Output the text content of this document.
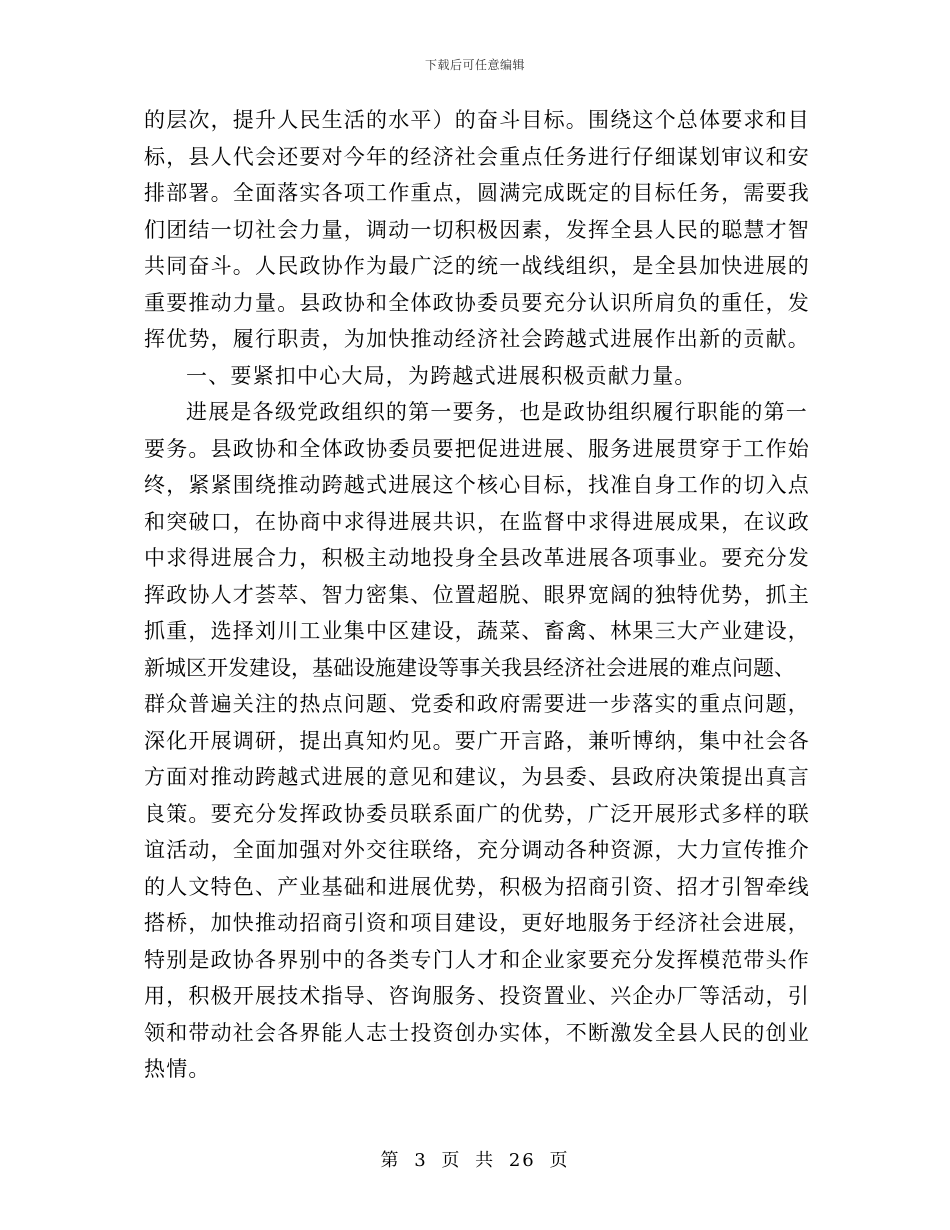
下载后可任意编辑
的层次，提升人民生活的水平）的奋斗目标。围绕这个总体要求和目
标，县人代会还要对今年的经济社会重点任务进行仔细谋划审议和安
排部署。全面落实各项工作重点，圆满完成既定的目标任务，需要我
们团结一切社会力量，调动一切积极因素，发挥全县人民的聪慧才智
共同奋斗。人民政协作为最广泛的统一战线组织，是全县加快进展的
重要推动力量。县政协和全体政协委员要充分认识所肩负的重任，发
挥优势，履行职责，为加快推动经济社会跨越式进展作出新的贡献。
一、要紧扣中心大局，为跨越式进展积极贡献力量。
进展是各级党政组织的第一要务，也是政协组织履行职能的第一
要务。县政协和全体政协委员要把促进进展、服务进展贯穿于工作始
终，紧紧围绕推动跨越式进展这个核心目标，找准自身工作的切入点
和突破口，在协商中求得进展共识，在监督中求得进展成果，在议政
中求得进展合力，积极主动地投身全县改革进展各项事业。要充分发
挥政协人才荟萃、智力密集、位置超脱、眼界宽阔的独特优势，抓主
抓重，选择刘川工业集中区建设，蔬菜、畜禽、林果三大产业建设，
新城区开发建设，基础设施建设等事关我县经济社会进展的难点问题、
群众普遍关注的热点问题、党委和政府需要进一步落实的重点问题，
深化开展调研，提出真知灼见。要广开言路，兼听博纳，集中社会各
方面对推动跨越式进展的意见和建议，为县委、县政府决策提出真言
良策。要充分发挥政协委员联系面广的优势，广泛开展形式多样的联
谊活动，全面加强对外交往联络，充分调动各种资源，大力宣传推介
的人文特色、产业基础和进展优势，积极为招商引资、招才引智牵线
搭桥，加快推动招商引资和项目建设，更好地服务于经济社会进展，
特别是政协各界别中的各类专门人才和企业家要充分发挥模范带头作
用，积极开展技术指导、咨询服务、投资置业、兴企办厂等活动，引
领和带动社会各界能人志士投资创办实体，不断激发全县人民的创业
热情。
第 3 页 共 26 页
